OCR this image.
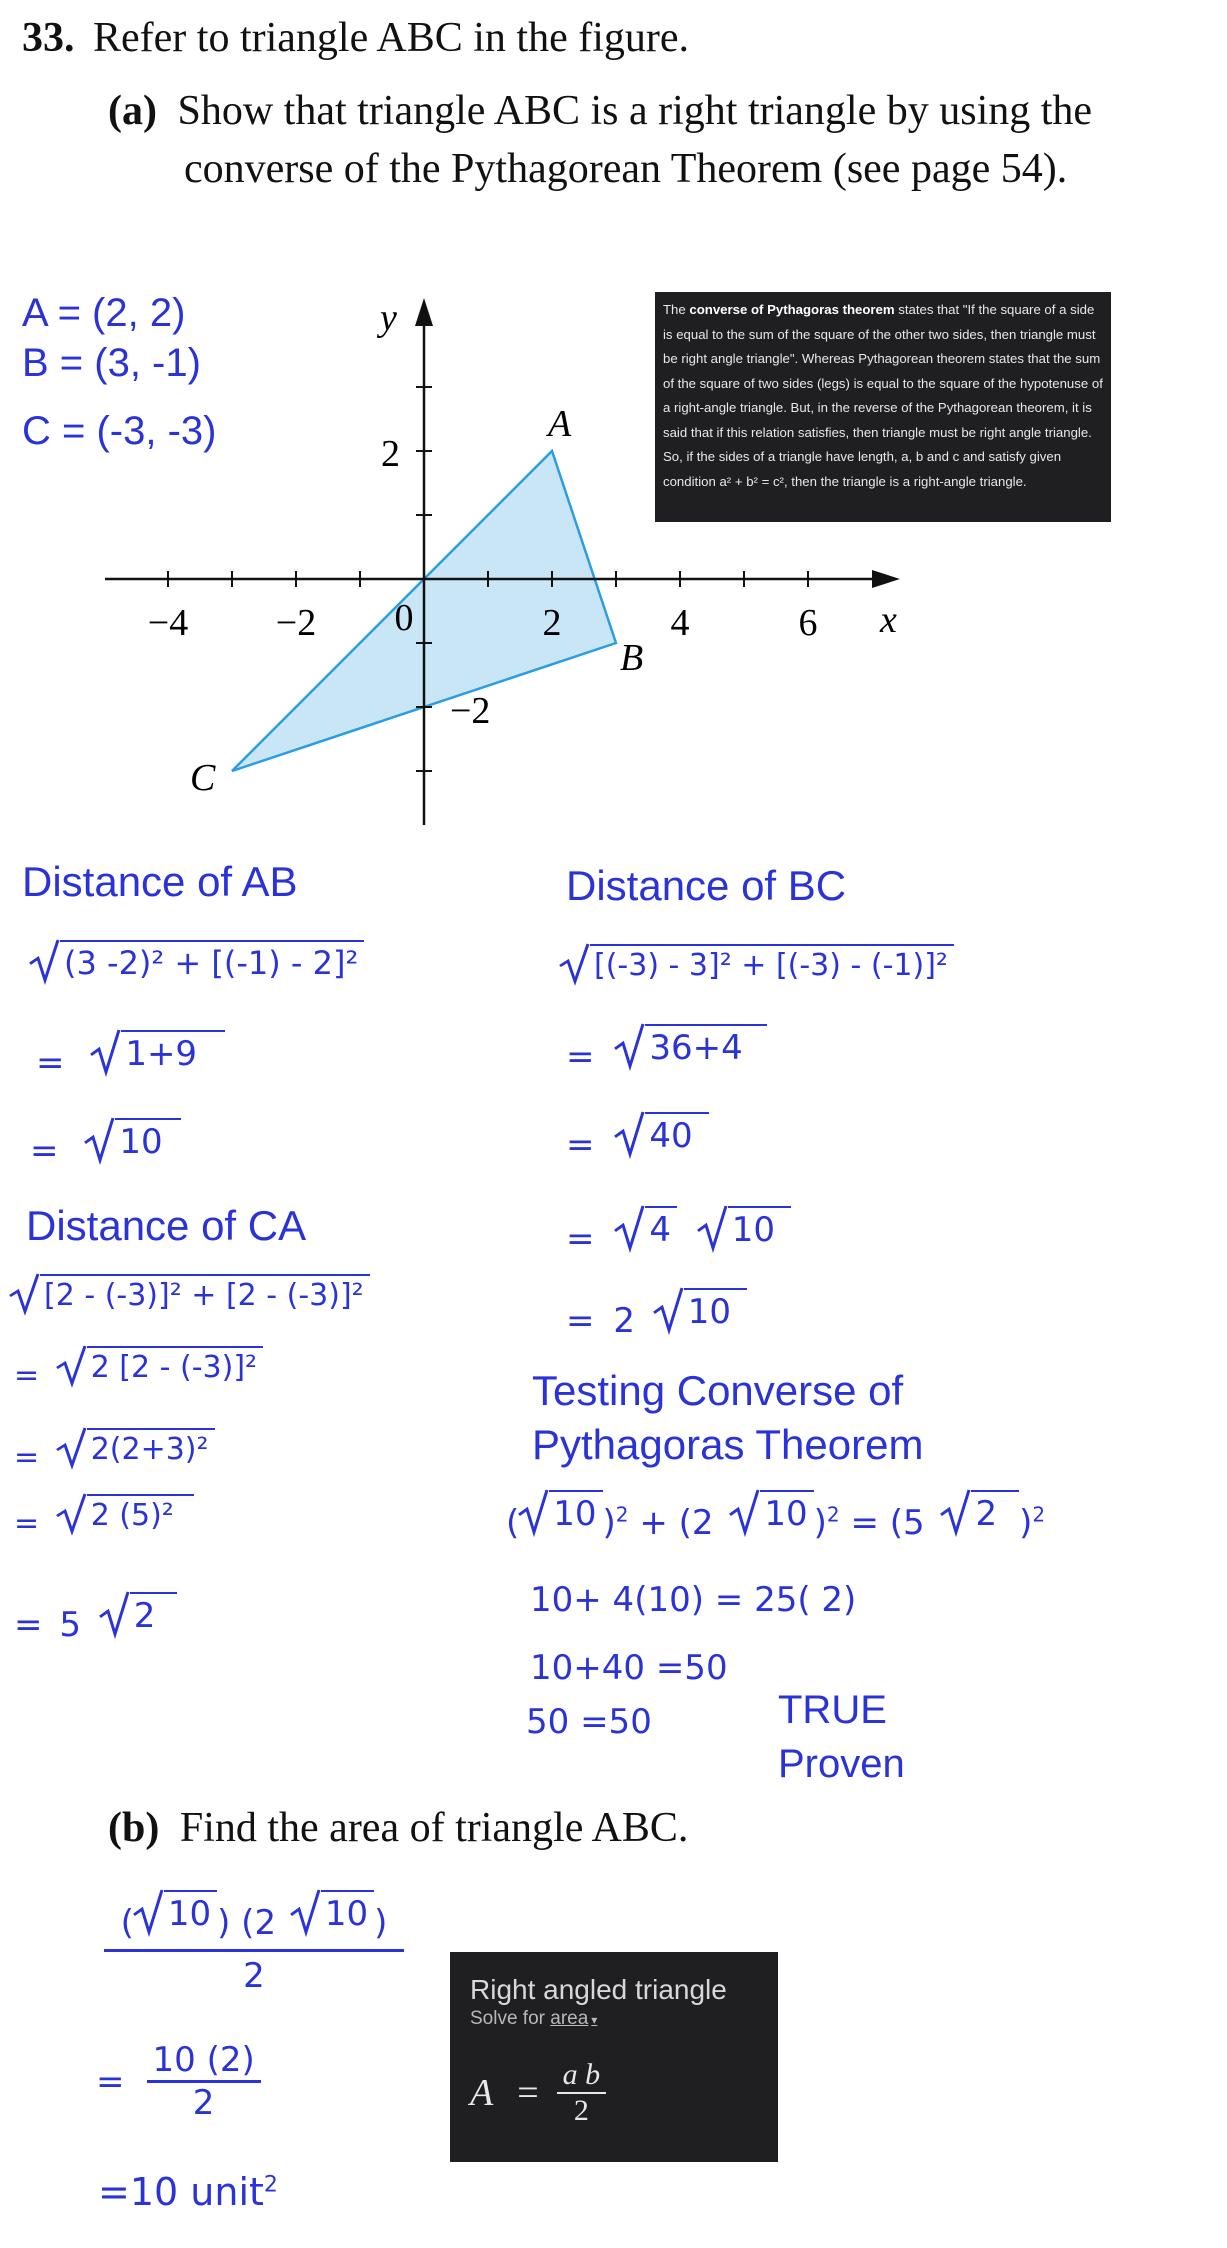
33. Refer to triangle ABC in the figure.
(a) Show that triangle ABC is a right triangle by using the
converse of the Pythagorean Theorem (see page 54).
A = (2, 2)
B = (3, -1)
C = (-3, -3)
−4 −2 0	2	4	6 x
2
−2
y
A
B
C
The converse of Pythagoras theorem states that "If the square of a side is equal to the sum of the square of the other two sides, then triangle must be right angle triangle". Whereas Pythagorean theorem states that the sum of the square of two sides (legs) is equal to the square of the hypotenuse of a right-angle triangle. But, in the reverse of the Pythagorean theorem, it is said that if this relation satisfies, then triangle must be right angle triangle. So, if the sides of a triangle have length, a, b and c and satisfy given condition a² + b² = c², then the triangle is a right-angle triangle.
Distance of AB
(3 -2)² + [(-1) - 2]²
= 1+9
= 10
Distance of BC
[(-3) - 3]² + [(-3) - (-1)]²
= 36+4
= 40
= 4
10
= 2 10
Distance of CA
[2 - (-3)]² + [2 - (-3)]²
= 2 [2 - (-3)]²
= 2(2+3)²
= 2 (5)²
= 5 2
Testing Converse of
Pythagoras Theorem
( 10 )$^2$ + (2 10 )$^2$ = (5 2 )$^2$
10+ 4(10) = 25( 2)
10+40 =50
50 =50	TRUE
Proven
(b) Find the area of triangle ABC.
( 10 ) (2 10 )
2
= $\frac{10 (2)}{2}$
=10 unit$^2$
Right angled triangle
Solve for area ▾
$A = \frac{\text{a b}}{2}$
